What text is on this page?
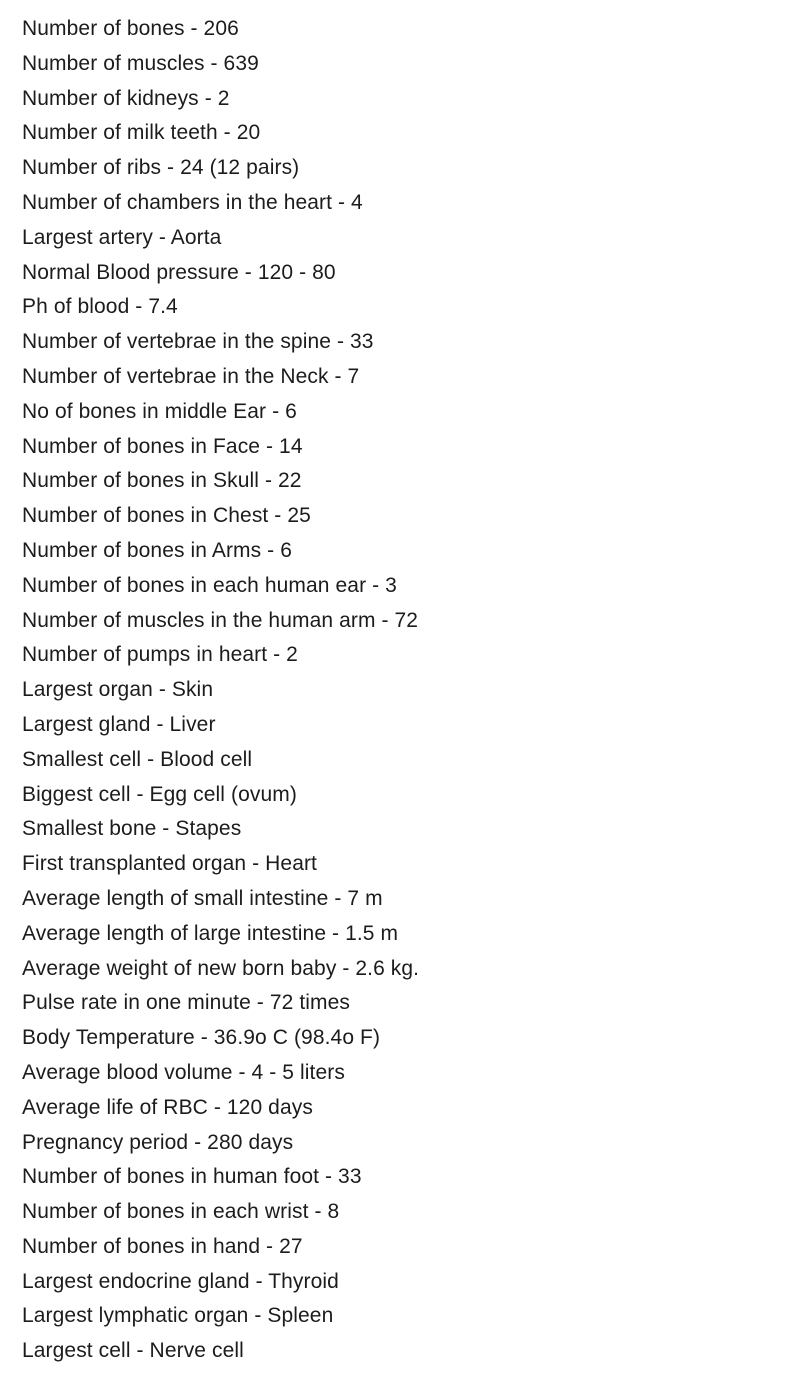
Number of bones - 206
Number of muscles - 639
Number of kidneys - 2
Number of milk teeth - 20
Number of ribs - 24 (12 pairs)
Number of chambers in the heart - 4
Largest artery - Aorta
Normal Blood pressure - 120 - 80
Ph of blood - 7.4
Number of vertebrae in the spine - 33
Number of vertebrae in the Neck - 7
No of bones in middle Ear - 6
Number of bones in Face - 14
Number of bones in Skull - 22
Number of bones in Chest - 25
Number of bones in Arms - 6
Number of bones in each human ear - 3
Number of muscles in the human arm - 72
Number of pumps in heart - 2
Largest organ - Skin
Largest gland - Liver
Smallest cell - Blood cell
Biggest cell - Egg cell (ovum)
Smallest bone - Stapes
First transplanted organ - Heart
Average length of small intestine - 7 m
Average length of large intestine - 1.5 m
Average weight of new born baby - 2.6 kg.
Pulse rate in one minute - 72 times
Body Temperature - 36.9o C (98.4o F)
Average blood volume - 4 - 5 liters
Average life of RBC - 120 days
Pregnancy period - 280 days
Number of bones in human foot - 33
Number of bones in each wrist - 8
Number of bones in hand - 27
Largest endocrine gland - Thyroid
Largest lymphatic organ - Spleen
Largest cell - Nerve cell
